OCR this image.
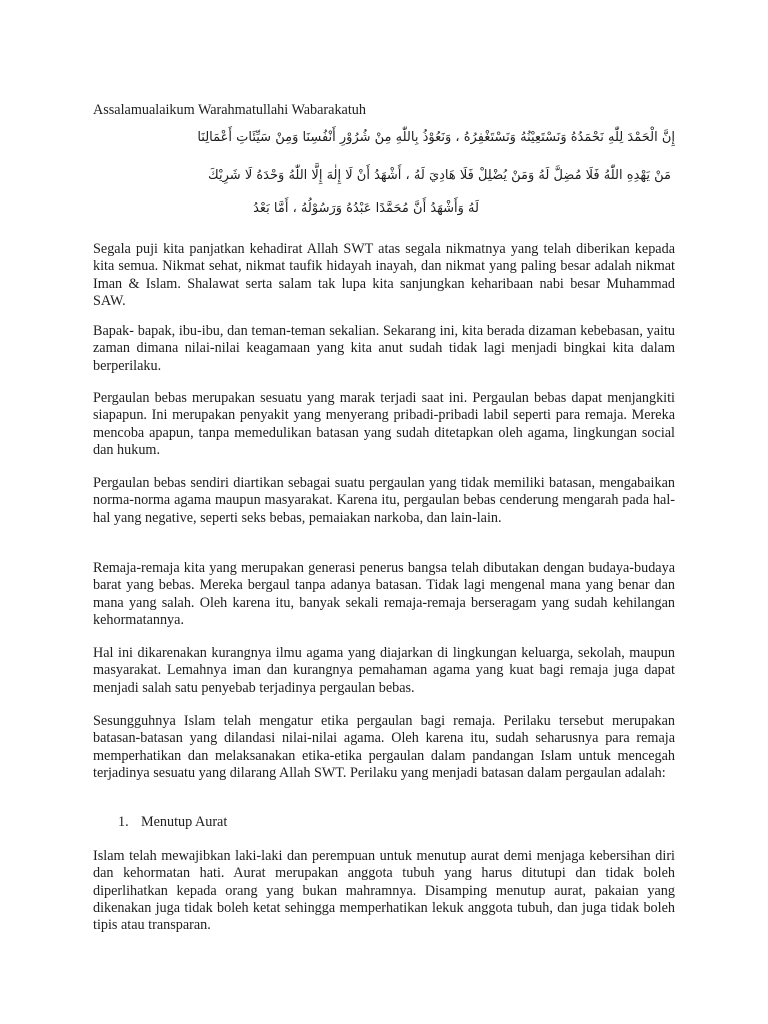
Assalamualaikum Warahmatullahi Wabarakatuh
إِنَّ الْحَمْدَ لِلّٰهِ نَحْمَدُهُ وَنَسْتَعِيْنُهُ وَنَسْتَغْفِرُهُ ، وَنَعُوْذُ بِاللّٰهِ مِنْ شُرُوْرِ أَنْفُسِنَا وَمِنْ سَيِّئَاتِ أَعْمَالِنَا
مَنْ يَهْدِهِ اللّٰهُ فَلَا مُضِلَّ لَهُ وَمَنْ يُضْلِلْ فَلَا هَادِيَ لَهُ ، أَشْهَدُ أَنْ لَا إِلٰهَ إِلَّا اللّٰهُ وَحْدَهُ لَا شَرِيْكَ
لَهُ وَأَشْهَدُ أَنَّ مُحَمَّدًا عَبْدُهُ وَرَسُوْلُهُ ، أَمَّا بَعْدُ

Segala puji kita panjatkan kehadirat Allah SWT atas segala nikmatnya yang telah diberikan kepada kita semua. Nikmat sehat, nikmat taufik hidayah inayah, dan nikmat yang paling besar adalah nikmat Iman & Islam. Shalawat serta salam tak lupa kita sanjungkan keharibaan nabi besar Muhammad SAW.

Bapak- bapak, ibu-ibu, dan teman-teman sekalian. Sekarang ini, kita berada dizaman kebebasan, yaitu zaman dimana nilai-nilai keagamaan yang kita anut sudah tidak lagi menjadi bingkai kita dalam berperilaku.

Pergaulan bebas merupakan sesuatu yang marak terjadi saat ini. Pergaulan bebas dapat menjangkiti siapapun. Ini merupakan penyakit yang menyerang pribadi-pribadi labil seperti para remaja. Mereka mencoba apapun, tanpa memedulikan batasan yang sudah ditetapkan oleh agama, lingkungan social dan hukum.

Pergaulan bebas sendiri diartikan sebagai suatu pergaulan yang tidak memiliki batasan, mengabaikan norma-norma agama maupun masyarakat. Karena itu, pergaulan bebas cenderung mengarah pada hal-hal yang negative, seperti seks bebas, pemaiakan narkoba, dan lain-lain.

Remaja-remaja kita yang merupakan generasi penerus bangsa telah dibutakan dengan budaya-budaya barat yang bebas. Mereka bergaul tanpa adanya batasan. Tidak lagi mengenal mana yang benar dan mana yang salah. Oleh karena itu, banyak sekali remaja-remaja berseragam yang sudah kehilangan kehormatannya.

Hal ini dikarenakan kurangnya ilmu agama yang diajarkan di lingkungan keluarga, sekolah, maupun masyarakat. Lemahnya iman dan kurangnya pemahaman agama yang kuat bagi remaja juga dapat menjadi salah satu penyebab terjadinya pergaulan bebas.

Sesungguhnya Islam telah mengatur etika pergaulan bagi remaja. Perilaku tersebut merupakan batasan-batasan yang dilandasi nilai-nilai agama. Oleh karena itu, sudah seharusnya para remaja memperhatikan dan melaksanakan etika-etika pergaulan dalam pandangan Islam untuk mencegah terjadinya sesuatu yang dilarang Allah SWT. Perilaku yang menjadi batasan dalam pergaulan adalah:

1. Menutup Aurat

Islam telah mewajibkan laki-laki dan perempuan untuk menutup aurat demi menjaga kebersihan diri dan kehormatan hati. Aurat merupakan anggota tubuh yang harus ditutupi dan tidak boleh diperlihatkan kepada orang yang bukan mahramnya. Disamping menutup aurat, pakaian yang dikenakan juga tidak boleh ketat sehingga memperhatikan lekuk anggota tubuh, dan juga tidak boleh tipis atau transparan.
